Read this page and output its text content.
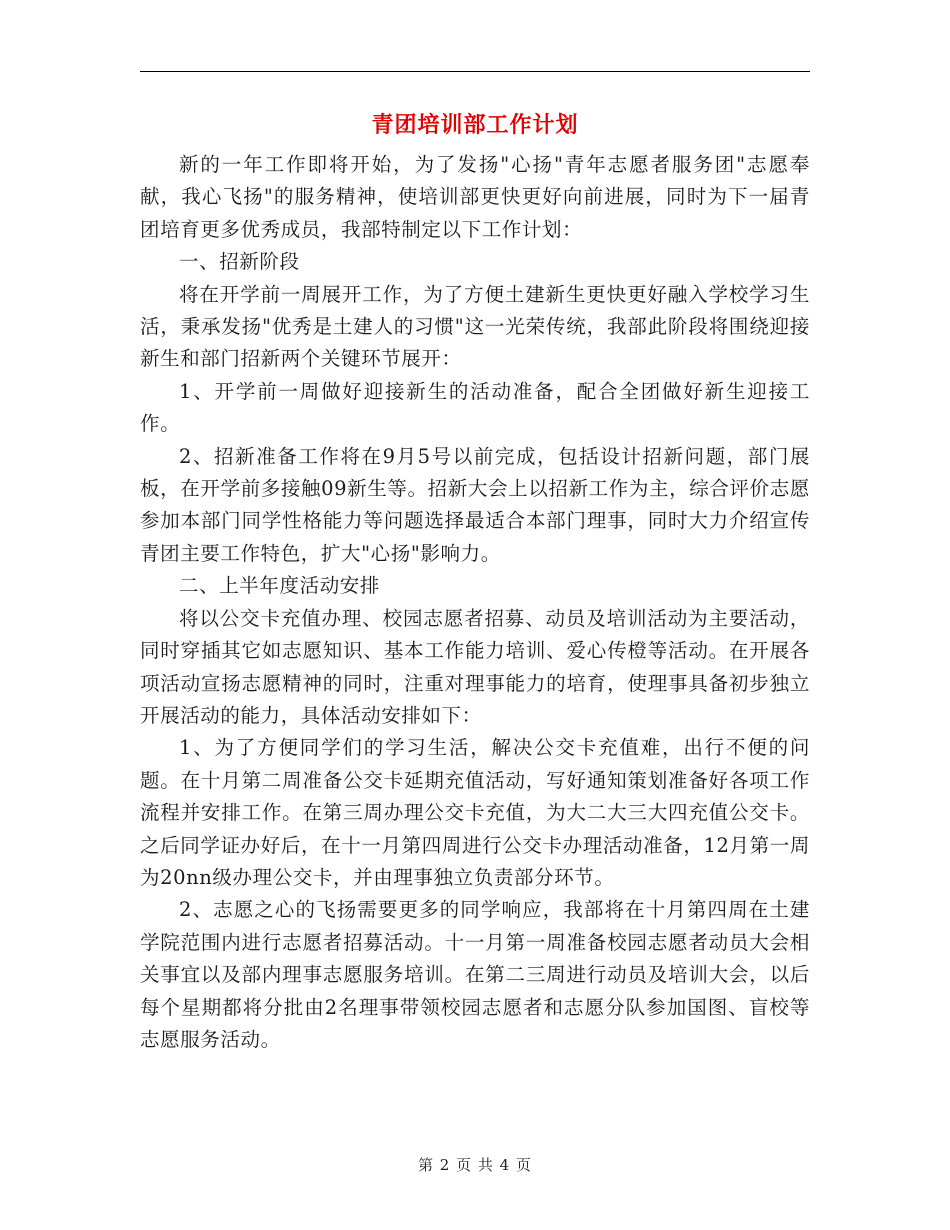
青团培训部工作计划

新的一年工作即将开始，为了发扬"心扬"青年志愿者服务团"志愿奉献，我心飞扬"的服务精神，使培训部更快更好向前进展，同时为下一届青团培育更多优秀成员，我部特制定以下工作计划：

一、招新阶段

将在开学前一周展开工作，为了方便土建新生更快更好融入学校学习生活，秉承发扬"优秀是土建人的习惯"这一光荣传统，我部此阶段将围绕迎接新生和部门招新两个关键环节展开：

1、开学前一周做好迎接新生的活动准备，配合全团做好新生迎接工作。

2、招新准备工作将在9月5号以前完成，包括设计招新问题，部门展板，在开学前多接触09新生等。招新大会上以招新工作为主，综合评价志愿参加本部门同学性格能力等问题选择最适合本部门理事，同时大力介绍宣传青团主要工作特色，扩大"心扬"影响力。

二、上半年度活动安排

将以公交卡充值办理、校园志愿者招募、动员及培训活动为主要活动，同时穿插其它如志愿知识、基本工作能力培训、爱心传橙等活动。在开展各项活动宣扬志愿精神的同时，注重对理事能力的培育，使理事具备初步独立开展活动的能力，具体活动安排如下：

1、为了方便同学们的学习生活，解决公交卡充值难，出行不便的问题。在十月第二周准备公交卡延期充值活动，写好通知策划准备好各项工作流程并安排工作。在第三周办理公交卡充值，为大二大三大四充值公交卡。之后同学证办好后，在十一月第四周进行公交卡办理活动准备，12月第一周为20nn级办理公交卡，并由理事独立负责部分环节。

2、志愿之心的飞扬需要更多的同学响应，我部将在十月第四周在土建学院范围内进行志愿者招募活动。十一月第一周准备校园志愿者动员大会相关事宜以及部内理事志愿服务培训。在第二三周进行动员及培训大会，以后每个星期都将分批由2名理事带领校园志愿者和志愿分队参加国图、盲校等志愿服务活动。

第 2 页 共 4 页
